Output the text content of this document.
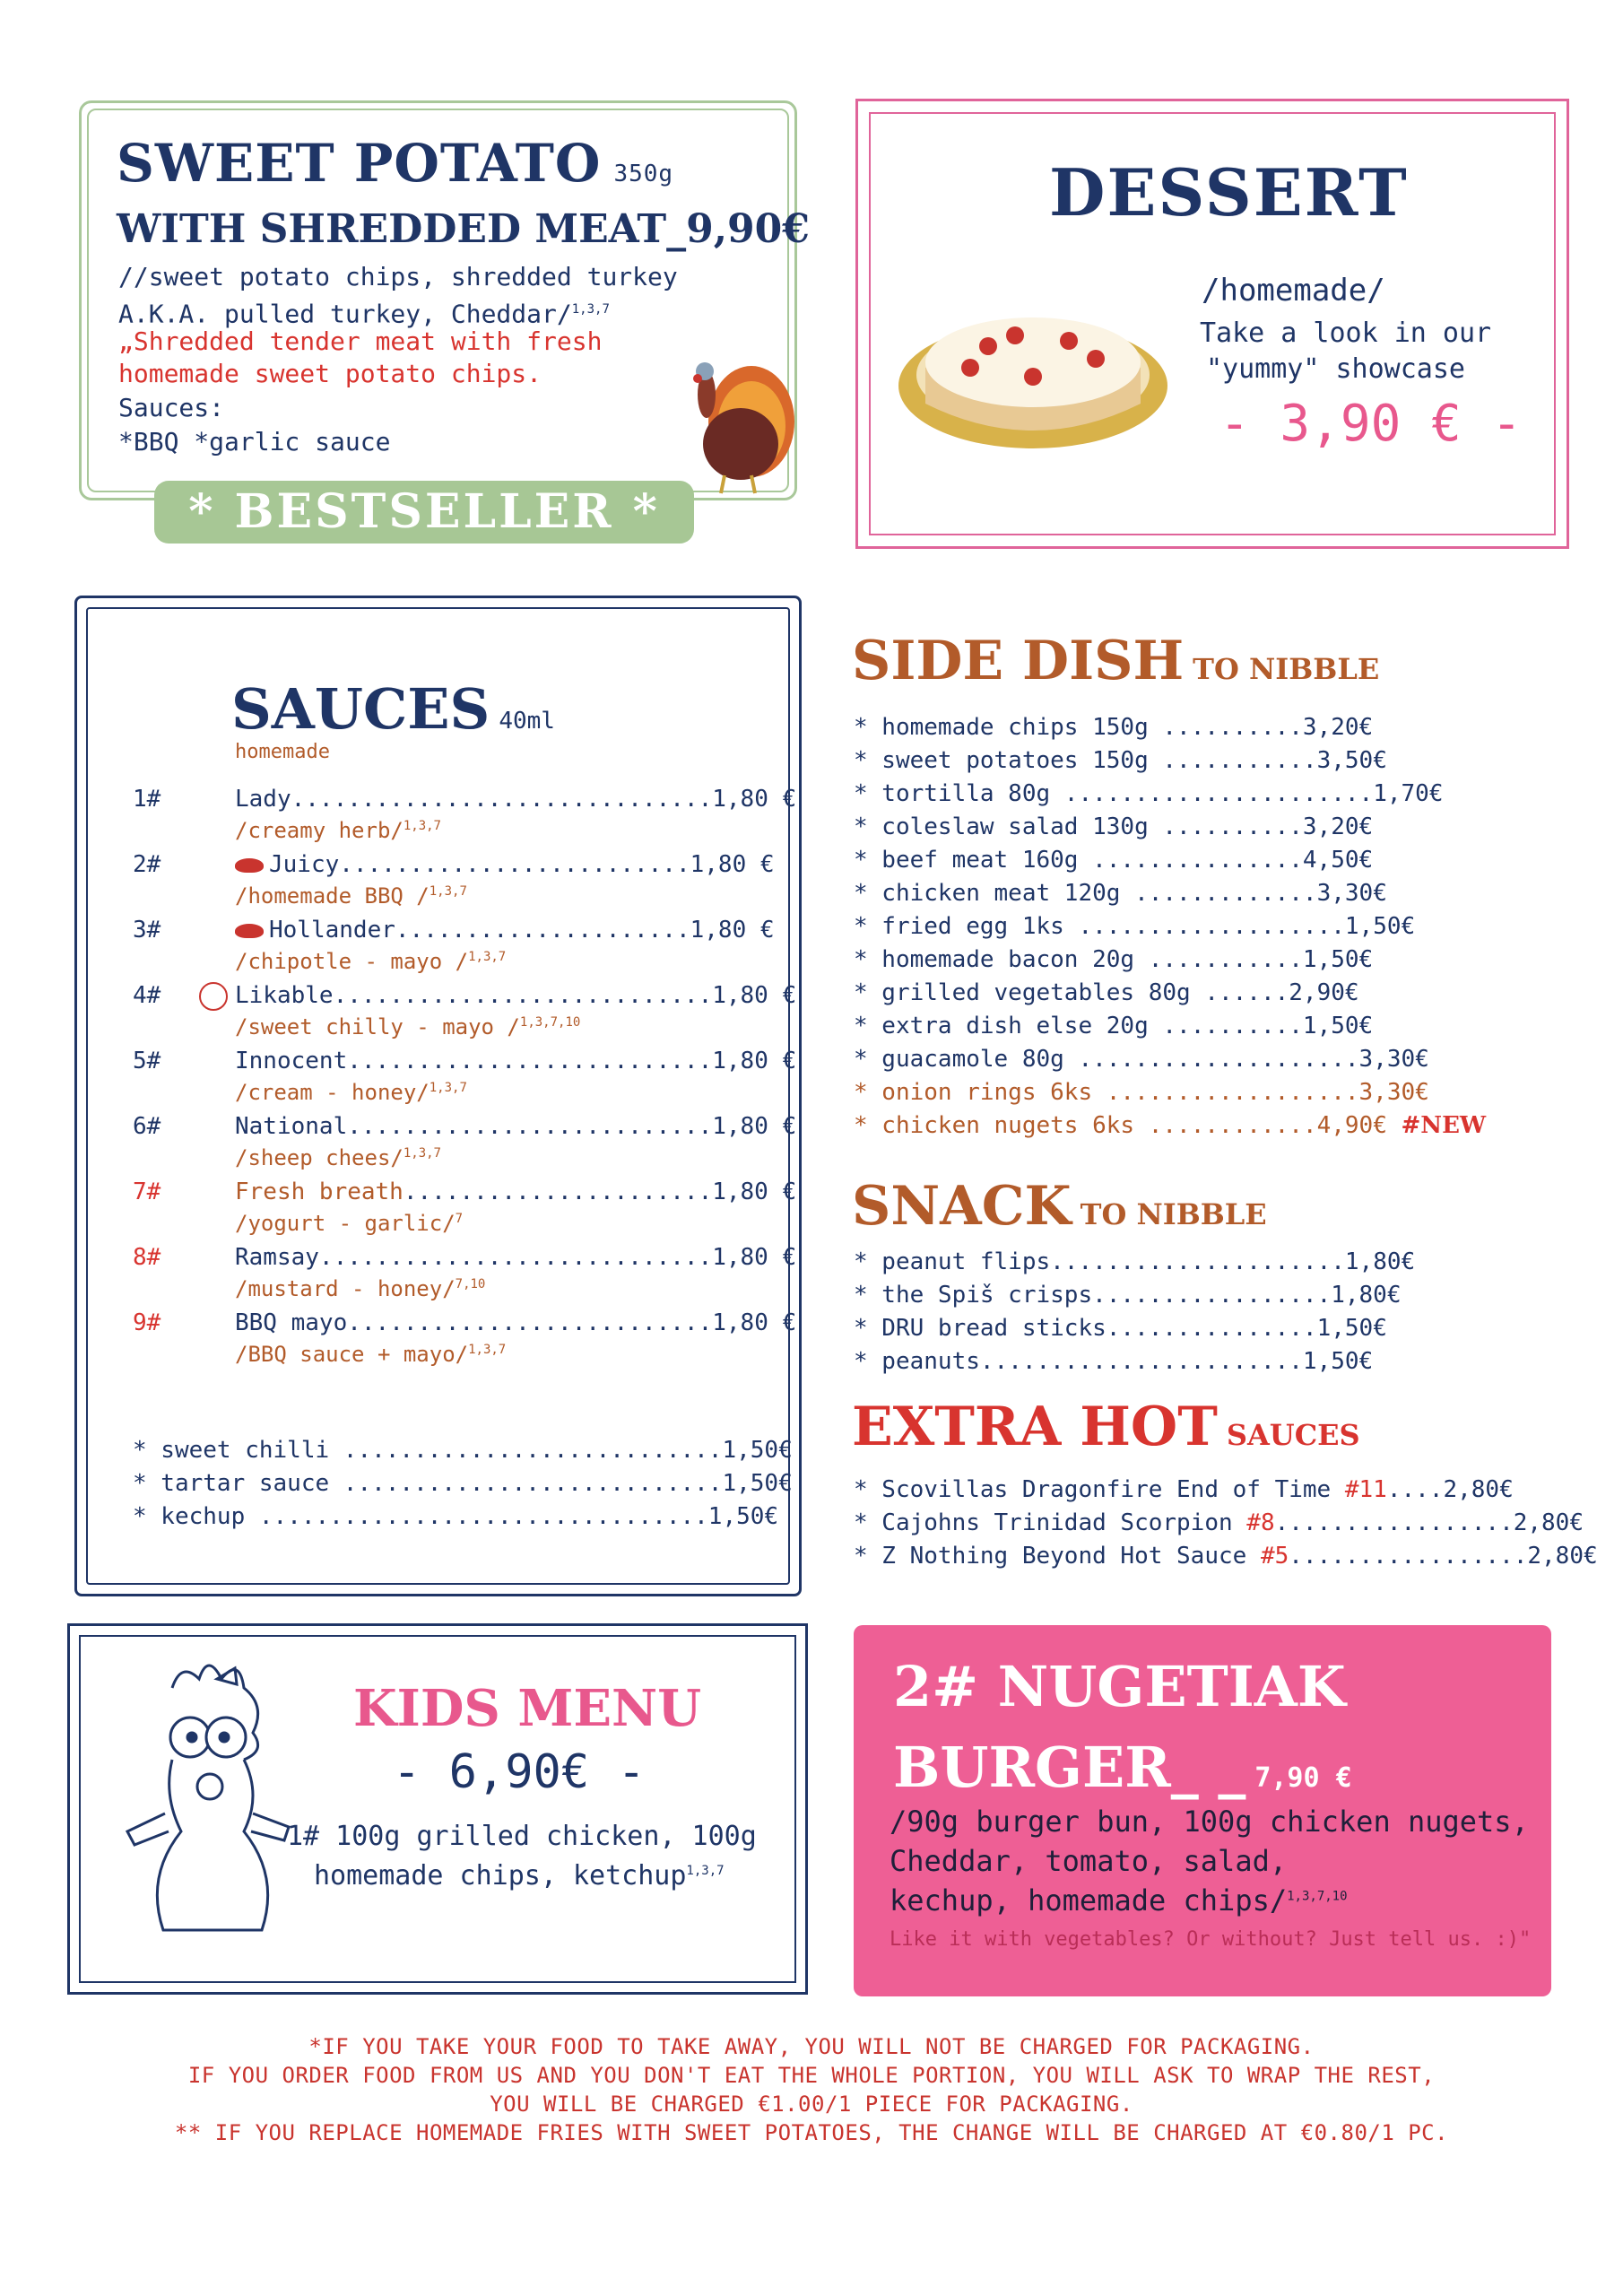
SWEET POTATO 350g
WITH SHREDDED MEAT_9,90€
//sweet potato chips, shredded turkey
A.K.A. pulled turkey, Cheddar/$^{1,3,7}$
„Shredded tender meat with fresh
homemade sweet potato chips.
Sauces:
*BBQ *garlic sauce
* BESTSELLER *
DESSERT
/homemade/
Take a look in our
"yummy" showcase
- 3,90 € -
SAUCES 40ml
homemade
1#	Lady..............................1,80 €
/creamy herb/$^{1,3,7}$
2#	Juicy.........................1,80 €
/homemade BBQ /$^{1,3,7}$
3#	Hollander.....................1,80 €
/chipotle - mayo /$^{1,3,7}$
4#	Likable...........................1,80 €
/sweet chilly - mayo /$^{1,3,7,10}$
5#	Innocent..........................1,80 €
/cream - honey/$^{1,3,7}$
6#	National..........................1,80 €
/sheep chees/$^{1,3,7}$
7#	Fresh breath......................1,80 €
/yogurt - garlic/$^7$
8#	Ramsay............................1,80 €
/mustard - honey/$^{7,10}$
9#	BBQ mayo..........................1,80 €
/BBQ sauce + mayo/$^{1,3,7}$
* sweet chilli ...........................1,50€
* tartar sauce ...........................1,50€
* kechup ................................1,50€
SIDE DISH TO NIBBLE
* homemade chips 150g ..........3,20€
* sweet potatoes 150g ...........3,50€
* tortilla 80g ......................1,70€
* coleslaw salad 130g ..........3,20€
* beef meat 160g ...............4,50€
* chicken meat 120g .............3,30€
* fried egg 1ks ...................1,50€
* homemade bacon 20g ...........1,50€
* grilled vegetables 80g ......2,90€
* extra dish else 20g ..........1,50€
* guacamole 80g ....................3,30€
* onion rings 6ks ..................3,30€
* chicken nugets 6ks ............4,90€ #NEW
SNACK TO NIBBLE
* peanut flips.....................1,80€
* the Spiš crisps.................1,80€
* DRU bread sticks...............1,50€
* peanuts.......................1,50€
EXTRA HOT SAUCES
* Scovillas Dragonfire End of Time #11....2,80€
* Cajohns Trinidad Scorpion #8.................2,80€
* Z Nothing Beyond Hot Sauce #5.................2,80€
KIDS MENU
- 6,90€ -
1# 100g grilled chicken, 100g
homemade chips, ketchup$^{1,3,7}$
2# NUGETIAK
BURGER_ _ 7,90 €
/90g burger bun, 100g chicken nugets,
Cheddar, tomato, salad,
kechup, homemade chips/$^{1,3,7,10}$
Like it with vegetables? Or without? Just tell us. :)"
*IF YOU TAKE YOUR FOOD TO TAKE AWAY, YOU WILL NOT BE CHARGED FOR PACKAGING.
IF YOU ORDER FOOD FROM US AND YOU DON'T EAT THE WHOLE PORTION, YOU WILL ASK TO WRAP THE REST,
YOU WILL BE CHARGED €1.00/1 PIECE FOR PACKAGING.
** IF YOU REPLACE HOMEMADE FRIES WITH SWEET POTATOES, THE CHANGE WILL BE CHARGED AT €0.80/1 PC.
